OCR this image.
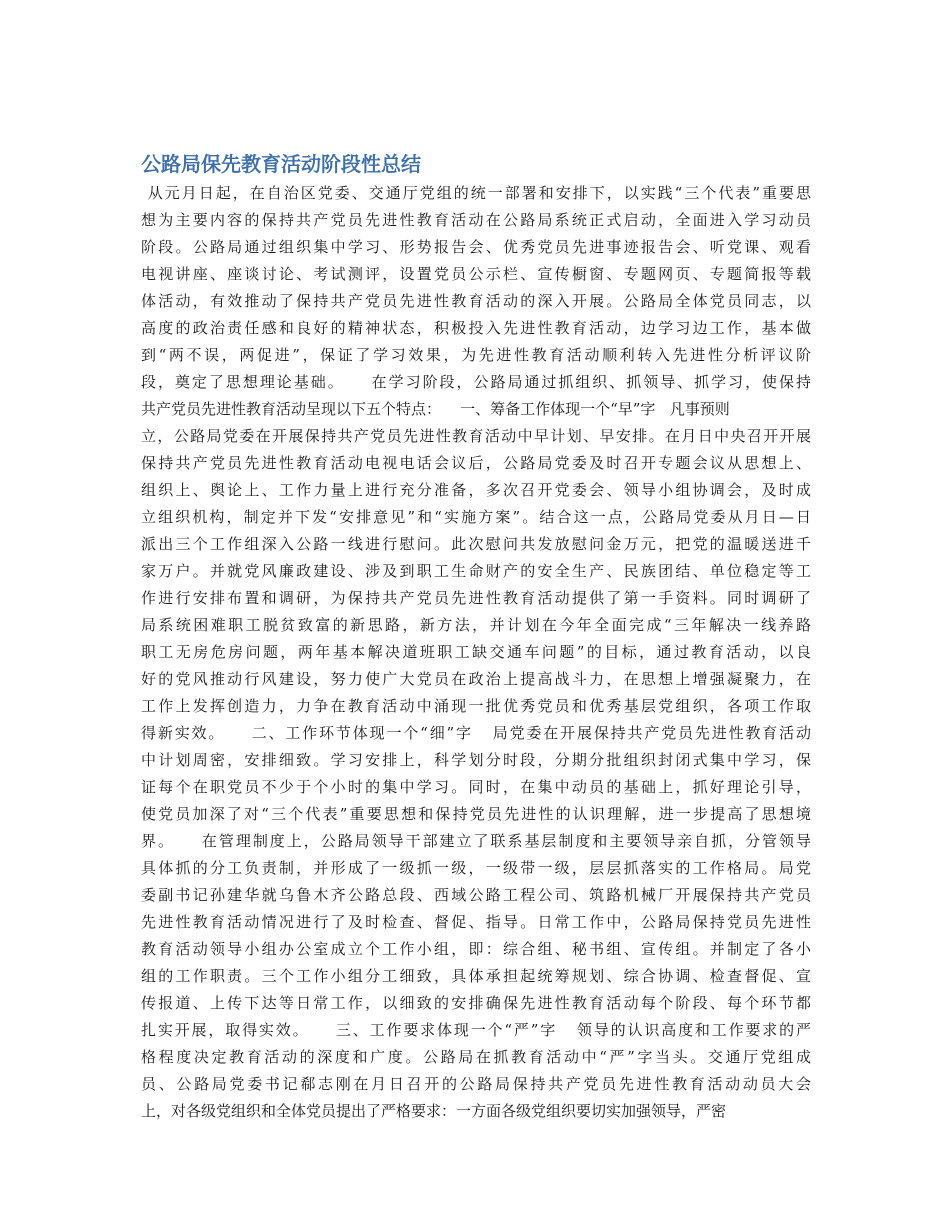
公路局保先教育活动阶段性总结
从元月日起，在自治区党委、交通厅党组的统一部署和安排下，以实践“三个代表”重要思
想为主要内容的保持共产党员先进性教育活动在公路局系统正式启动，全面进入学习动员
阶段。公路局通过组织集中学习、形势报告会、优秀党员先进事迹报告会、听党课、观看
电视讲座、座谈讨论、考试测评，设置党员公示栏、宣传橱窗、专题网页、专题简报等载
体活动，有效推动了保持共产党员先进性教育活动的深入开展。公路局全体党员同志，以
高度的政治责任感和良好的精神状态，积极投入先进性教育活动，边学习边工作，基本做
到“两不误，两促进”，保证了学习效果，为先进性教育活动顺利转入先进性分析评议阶
段，奠定了思想理论基础。    在学习阶段，公路局通过抓组织、抓领导、抓学习，使保持
共产党员先进性教育活动呈现以下五个特点：    一、筹备工作体现一个“早”字   凡事预则
立，公路局党委在开展保持共产党员先进性教育活动中早计划、早安排。在月日中央召开开展
保持共产党员先进性教育活动电视电话会议后，公路局党委及时召开专题会议从思想上、
组织上、舆论上、工作力量上进行充分准备，多次召开党委会、领导小组协调会，及时成
立组织机构，制定并下发“安排意见”和“实施方案”。结合这一点，公路局党委从月日—日
派出三个工作组深入公路一线进行慰问。此次慰问共发放慰问金万元，把党的温暖送进千
家万户。并就党风廉政建设、涉及到职工生命财产的安全生产、民族团结、单位稳定等工
作进行安排布置和调研，为保持共产党员先进性教育活动提供了第一手资料。同时调研了
局系统困难职工脱贫致富的新思路，新方法，并计划在今年全面完成“三年解决一线养路
职工无房危房问题，两年基本解决道班职工缺交通车问题”的目标，通过教育活动，以良
好的党风推动行风建设，努力使广大党员在政治上提高战斗力，在思想上增强凝聚力，在
工作上发挥创造力，力争在教育活动中涌现一批优秀党员和优秀基层党组织，各项工作取
得新实效。    二、工作环节体现一个“细”字   局党委在开展保持共产党员先进性教育活动
中计划周密，安排细致。学习安排上，科学划分时段，分期分批组织封闭式集中学习，保
证每个在职党员不少于个小时的集中学习。同时，在集中动员的基础上，抓好理论引导，
使党员加深了对“三个代表”重要思想和保持党员先进性的认识理解，进一步提高了思想境
界。    在管理制度上，公路局领导干部建立了联系基层制度和主要领导亲自抓，分管领导
具体抓的分工负责制，并形成了一级抓一级，一级带一级，层层抓落实的工作格局。局党
委副书记孙建华就乌鲁木齐公路总段、西域公路工程公司、筑路机械厂开展保持共产党员
先进性教育活动情况进行了及时检查、督促、指导。日常工作中，公路局保持党员先进性
教育活动领导小组办公室成立个工作小组，即：综合组、秘书组、宣传组。并制定了各小
组的工作职责。三个工作小组分工细致，具体承担起统筹规划、综合协调、检查督促、宣
传报道、上传下达等日常工作，以细致的安排确保先进性教育活动每个阶段、每个环节都
扎实开展，取得实效。    三、工作要求体现一个“严”字   领导的认识高度和工作要求的严
格程度决定教育活动的深度和广度。公路局在抓教育活动中“严”字当头。交通厅党组成
员、公路局党委书记郗志刚在月日召开的公路局保持共产党员先进性教育活动动员大会
上，对各级党组织和全体党员提出了严格要求：一方面各级党组织要切实加强领导，严密
